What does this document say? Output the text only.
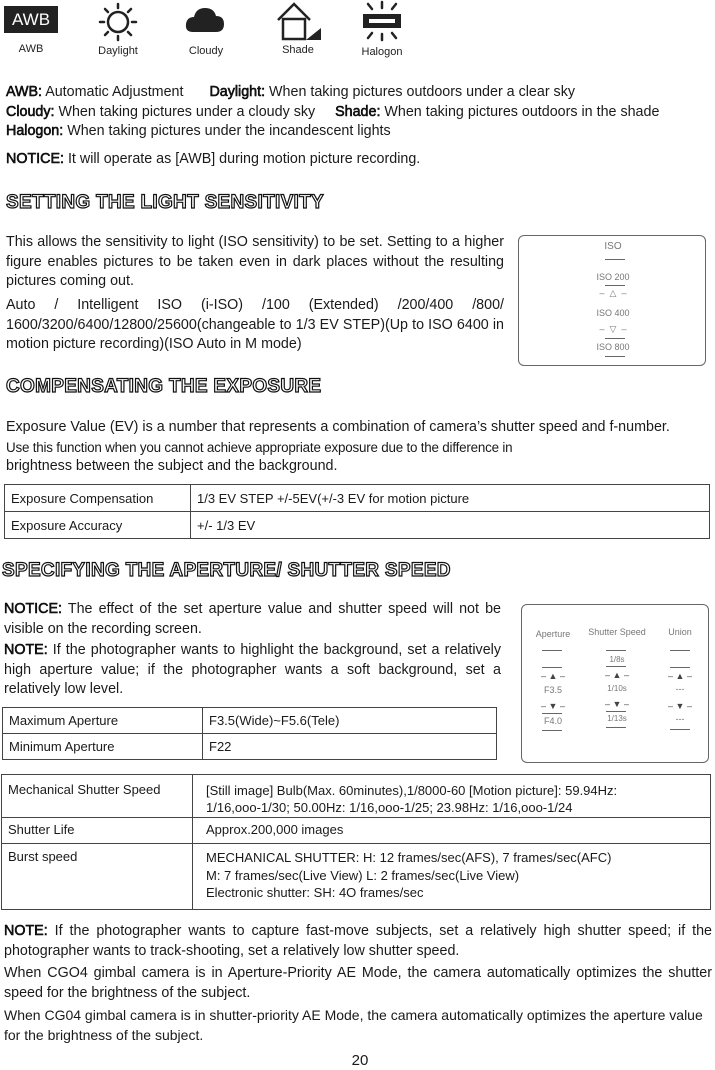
AWB
AWB	Daylight	Cloudy	Shade	Halogon
AWB: Automatic Adjustment Daylight: When taking pictures outdoors under a clear sky
Cloudy: When taking pictures under a cloudy sky Shade: When taking pictures outdoors in the shade  Halogon: When taking pictures under the incandescent lights
NOTICE: It will operate as [AWB] during motion picture recording.
SETTING THE LIGHT SENSITIVITY
This allows the sensitivity to light (ISO sensitivity) to be set. Setting to a higher figure enables pictures to be taken even in dark places without the resulting pictures coming out.
Auto / Intelligent ISO (i-ISO) /100 (Extended) /200/400 /800/ 1600/3200/6400/12800/25600(changeable to 1/3 EV STEP)(Up to ISO 6400 in motion picture recording)(ISO Auto in M mode)
ISO
ISO 200
–  △  –
ISO 400
–  ▽  –
ISO 800
COMPENSATING THE EXPOSURE
Exposure Value (EV) is a number that represents a combination of camera’s shutter speed and f-number.
Use this function when you cannot achieve appropriate exposure due to the difference in
brightness between the subject and the background.
Exposure Compensation	1/3 EV STEP +/-5EV(+/-3 EV for motion picture
Exposure Accuracy	+/- 1/3 EV
SPECIFYING THE APERTURE/ SHUTTER SPEED
NOTICE: The effect of the set aperture value and shutter speed will not be visible on the recording screen.
NOTE: If the photographer wants to highlight the background, set a relatively high aperture value; if the photographer wants a soft background, set a relatively low level.
Maximum Aperture	F3.5(Wide)~F5.6(Tele)
Minimum Aperture	F22
Aperture	Shutter Speed	Union
– ▲ –
F3.5
– ▼ –
F4.0
1/8s
– ▲ –
1/10s
– ▼ –
1/13s
– ▲ –
---
– ▼ –
---
Mechanical Shutter Speed	[Still image] Bulb(Max. 60minutes),1/8000-60 [Motion picture]: 59.94Hz:
1/16,ooo-1/30; 50.00Hz: 1/16,ooo-1/25; 23.98Hz: 1/16,ooo-1/24

Shutter Life	Approx.200,000 images
Burst speed	MECHANICAL SHUTTER: H: 12 frames/sec(AFS), 7 frames/sec(AFC)
M: 7 frames/sec(Live View) L: 2 frames/sec(Live View)
Electronic shutter: SH: 4O frames/sec
NOTE: If the photographer wants to capture fast-move subjects, set a relatively high shutter speed; if the photographer wants to track-shooting, set a relatively low shutter speed.
When CGO4 gimbal camera is in Aperture-Priority AE Mode, the camera automatically optimizes the shutter speed for the brightness of the subject.
When CG04 gimbal camera is in shutter-priority AE Mode, the camera automatically optimizes the aperture value for the brightness of the subject.
20
